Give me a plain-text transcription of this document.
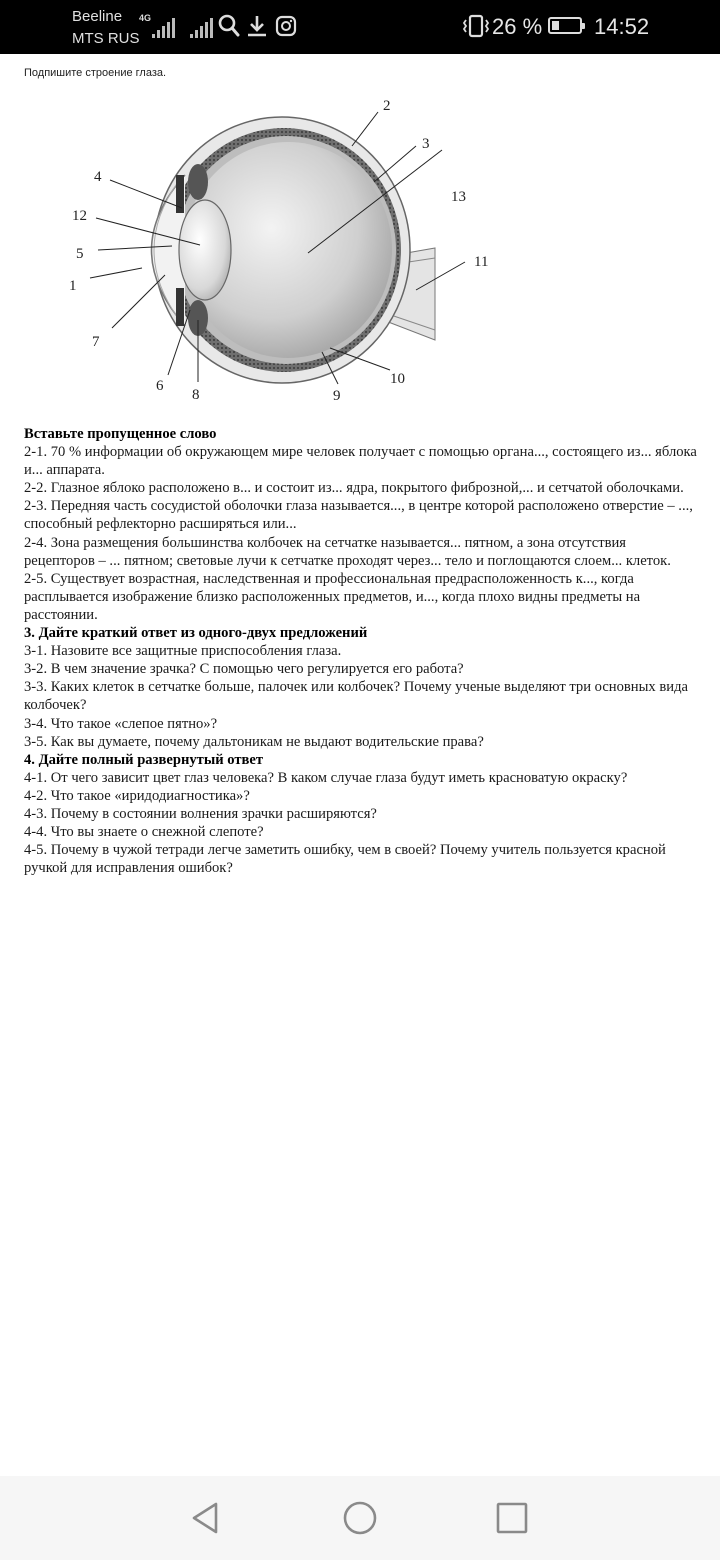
Beeline
MTS RUS
4G	26 % 14:52
Подпишите строение глаза.
2
3
4
12
13
5	11
1
7
6
8
10
9

Вставьте пропущенное слово

2-1. 70 % информации об окружающем мире человек получает с помощью органа..., состоящего из... яблока и... аппарата.

2-2. Глазное яблоко расположено в... и состоит из... ядра, покрытого фиброзной,... и сетчатой оболочками.

2-3. Передняя часть сосудистой оболочки глаза называется..., в центре которой расположено отверстие – ..., способный рефлекторно расширяться или...

2-4. Зона размещения большинства колбочек на сетчатке называется... пятном, а зона отсутствия рецепторов – ... пятном; световые лучи к сетчатке проходят через... тело и поглощаются слоем... клеток.

2-5. Существует возрастная, наследственная и профессиональная предрасположенность к..., когда расплывается изображение близко расположенных предметов, и..., когда плохо видны предметы на расстоянии.

3. Дайте краткий ответ из одного-двух предложений

3-1. Назовите все защитные приспособления глаза.

3-2. В чем значение зрачка? С помощью чего регулируется его работа?

3-3. Каких клеток в сетчатке больше, палочек или колбочек? Почему ученые выделяют три основных вида колбочек?

3-4. Что такое «слепое пятно»?

3-5. Как вы думаете, почему дальтоникам не выдают водительские права?

4. Дайте полный развернутый ответ

4-1. От чего зависит цвет глаз человека? В каком случае глаза будут иметь красноватую окраску?

4-2. Что такое «иридодиагностика»?

4-3. Почему в состоянии волнения зрачки расширяются?

4-4. Что вы знаете о снежной слепоте?

4-5. Почему в чужой тетради легче заметить ошибку, чем в своей? Почему учитель пользуется красной ручкой для исправления ошибок?
